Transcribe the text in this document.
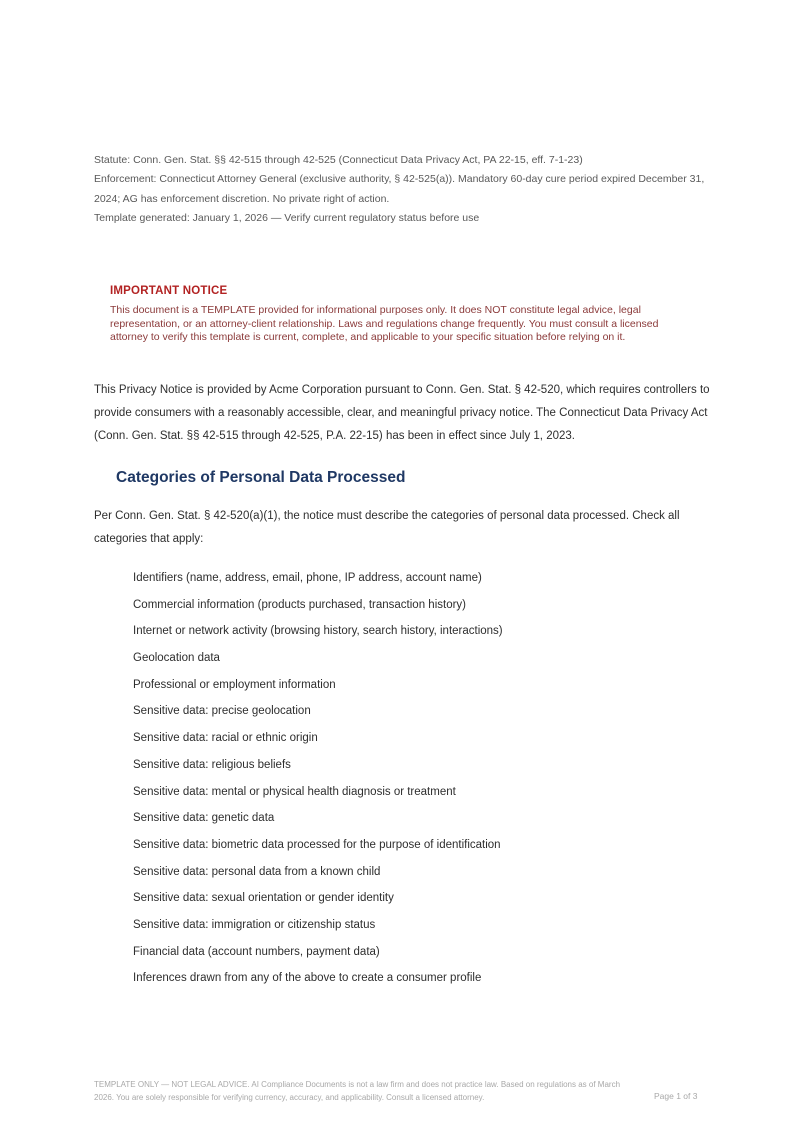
Statute: Conn. Gen. Stat. §§ 42-515 through 42-525 (Connecticut Data Privacy Act, PA 22-15, eff. 7-1-23)

Enforcement: Connecticut Attorney General (exclusive authority, § 42-525(a)). Mandatory 60-day cure period expired December 31, 2024; AG has enforcement discretion. No private right of action.

Template generated: January 1, 2026 — Verify current regulatory status before use

IMPORTANT NOTICE

This document is a TEMPLATE provided for informational purposes only. It does NOT constitute legal advice, legal representation, or an attorney-client relationship. Laws and regulations change frequently. You must consult a licensed attorney to verify this template is current, complete, and applicable to your specific situation before relying on it.

This Privacy Notice is provided by Acme Corporation pursuant to Conn. Gen. Stat. § 42-520, which requires controllers to provide consumers with a reasonably accessible, clear, and meaningful privacy notice. The Connecticut Data Privacy Act (Conn. Gen. Stat. §§ 42-515 through 42-525, P.A. 22-15) has been in effect since July 1, 2023.

Categories of Personal Data Processed

Per Conn. Gen. Stat. § 42-520(a)(1), the notice must describe the categories of personal data processed. Check all categories that apply:

Identifiers (name, address, email, phone, IP address, account name)
Commercial information (products purchased, transaction history)
Internet or network activity (browsing history, search history, interactions)
Geolocation data
Professional or employment information
Sensitive data: precise geolocation
Sensitive data: racial or ethnic origin
Sensitive data: religious beliefs
Sensitive data: mental or physical health diagnosis or treatment
Sensitive data: genetic data
Sensitive data: biometric data processed for the purpose of identification
Sensitive data: personal data from a known child
Sensitive data: sexual orientation or gender identity
Sensitive data: immigration or citizenship status
Financial data (account numbers, payment data)
Inferences drawn from any of the above to create a consumer profile

TEMPLATE ONLY — NOT LEGAL ADVICE. AI Compliance Documents is not a law firm and does not practice law. Based on regulations as of March 2026. You are solely responsible for verifying currency, accuracy, and applicability. Consult a licensed attorney.	Page 1 of 3
